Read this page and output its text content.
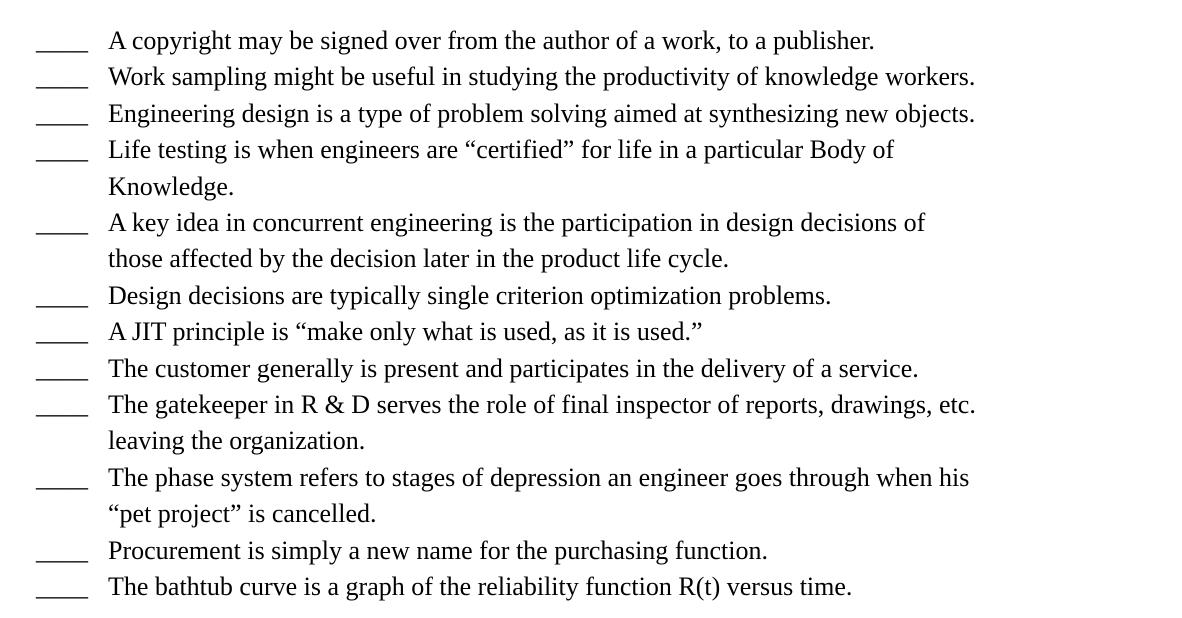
____ A copyright may be signed over from the author of a work, to a publisher.
____ Work sampling might be useful in studying the productivity of knowledge workers.
____ Engineering design is a type of problem solving aimed at synthesizing new objects.
____ Life testing is when engineers are “certified” for life in a particular Body of
Knowledge.
____ A key idea in concurrent engineering is the participation in design decisions of
those affected by the decision later in the product life cycle.
____ Design decisions are typically single criterion optimization problems.
____ A JIT principle is “make only what is used, as it is used.”
____ The customer generally is present and participates in the delivery of a service.
____ The gatekeeper in R & D serves the role of final inspector of reports, drawings, etc.
leaving the organization.
____ The phase system refers to stages of depression an engineer goes through when his
“pet project” is cancelled.
____ Procurement is simply a new name for the purchasing function.
____ The bathtub curve is a graph of the reliability function R(t) versus time.
